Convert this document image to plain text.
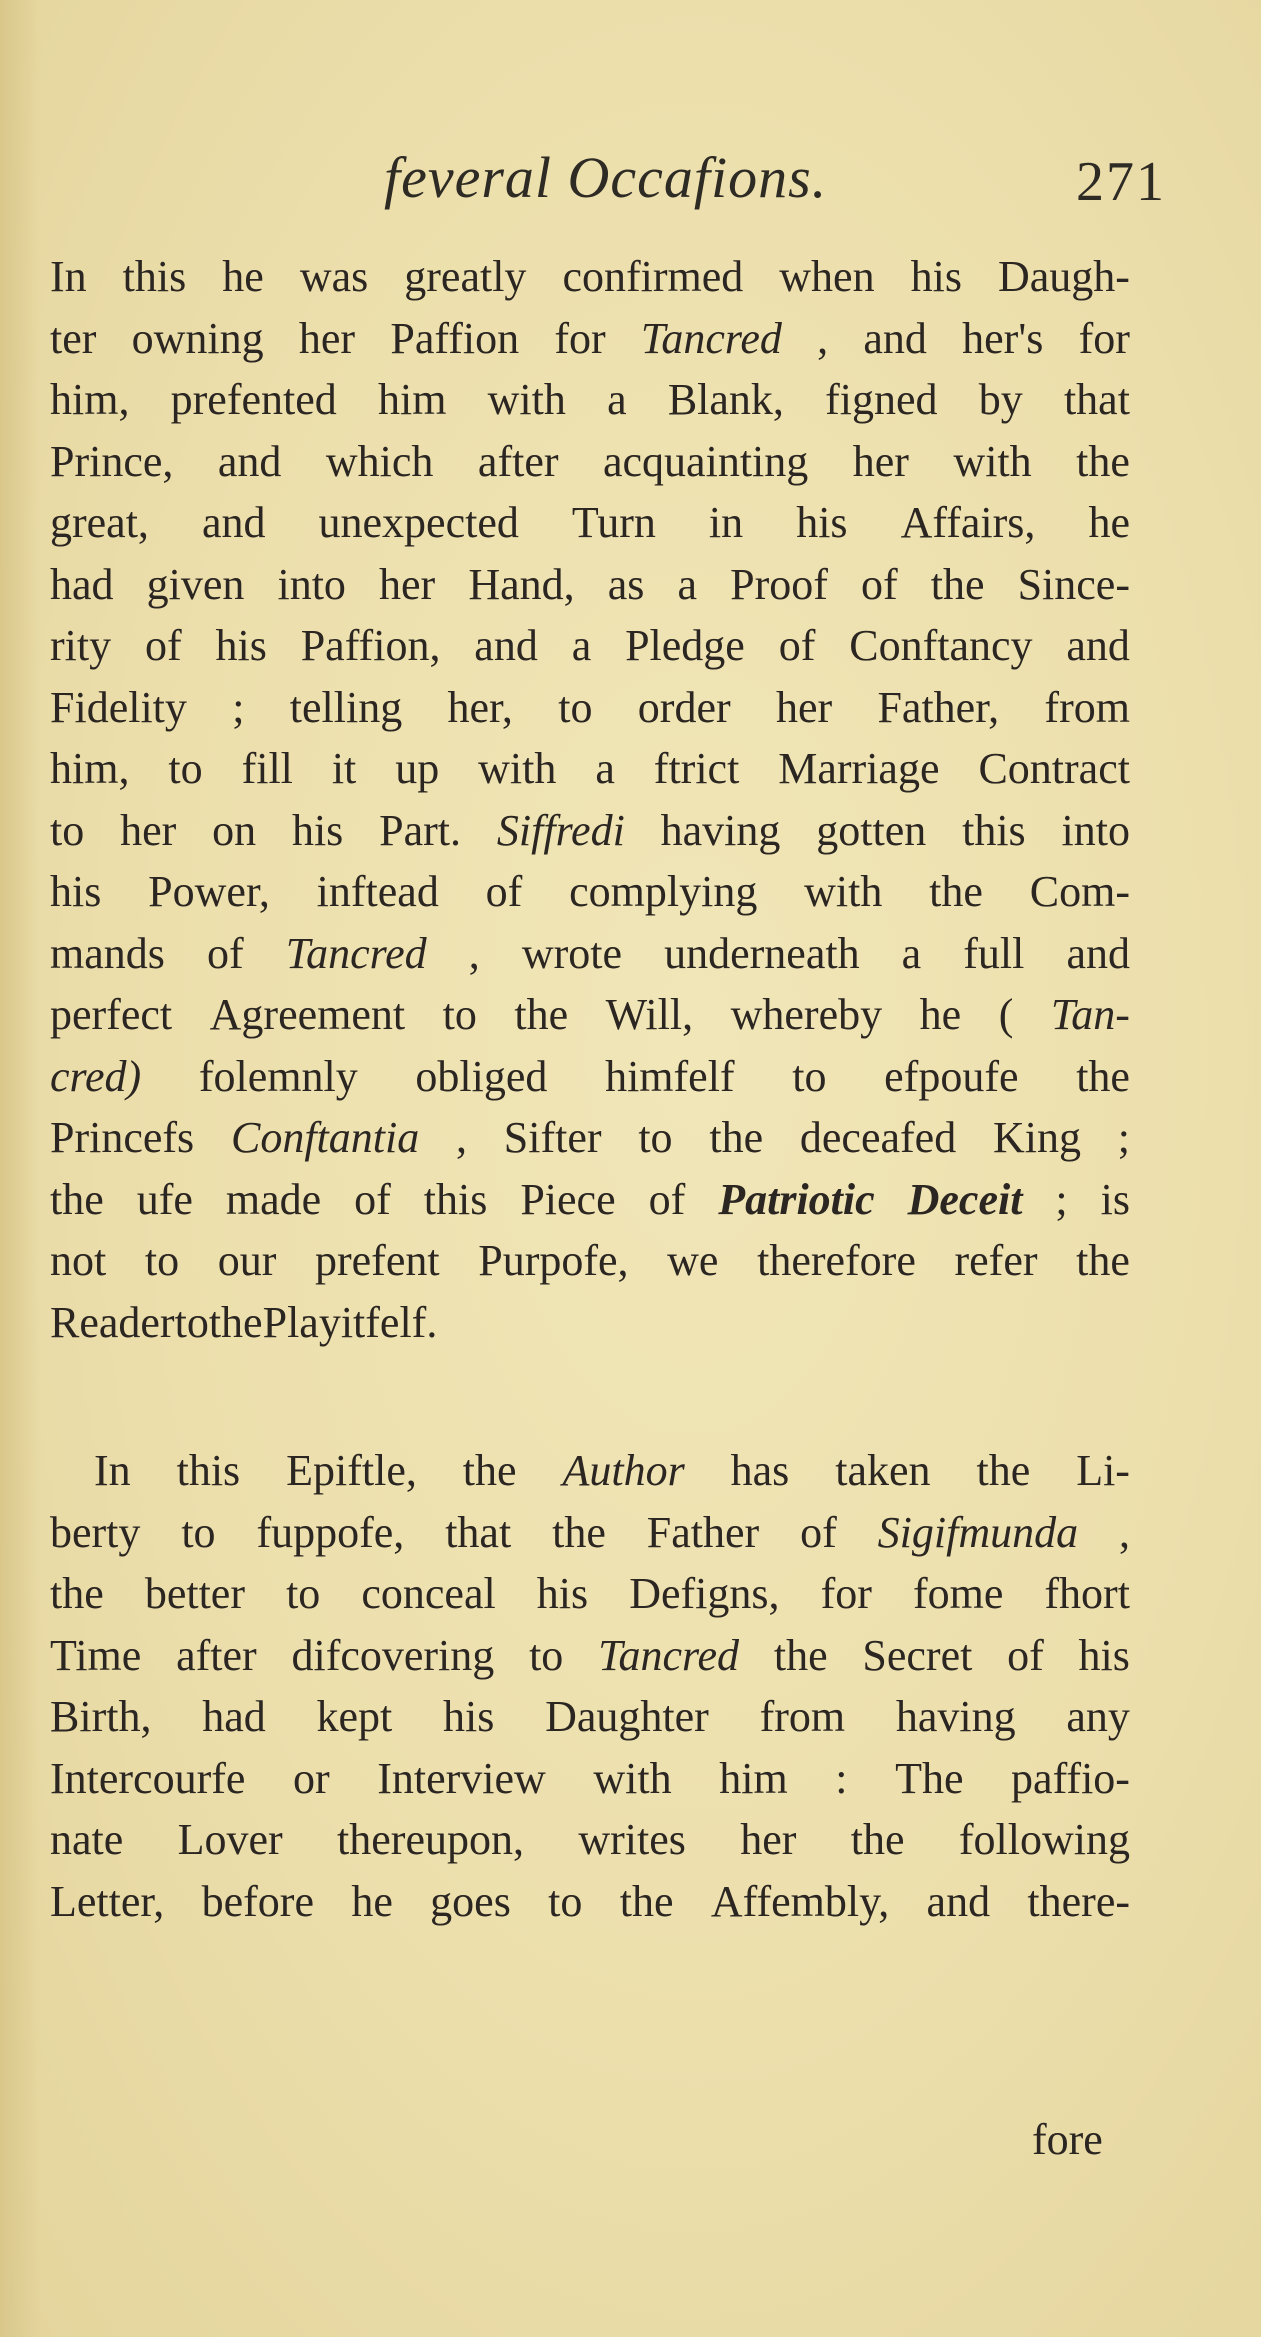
feveral Occafions.	271
In this he was greatly confirmed when his Daugh-
ter owning her Paffion for Tancred , and her's for
him, prefented him with a Blank, figned by that
Prince, and which after acquainting her with the
great, and unexpected Turn in his Affairs, he
had given into her Hand, as a Proof of the Since-
rity of his Paffion, and a Pledge of Conftancy and
Fidelity ; telling her, to order her Father, from
him, to fill it up with a ftrict Marriage Contract
to her on his Part. Siffredi having gotten this into
his Power, inftead of complying with the Com-
mands of Tancred , wrote underneath a full and
perfect Agreement to the Will, whereby he ( Tan-
cred) folemnly obliged himfelf to efpoufe the
Princefs Conftantia , Sifter to the deceafed King ;
the ufe made of this Piece of Patriotic Deceit ; is
not to our prefent Purpofe, we therefore refer the
Reader to the Play itfelf.
In this Epiftle, the Author has taken the Li-
berty to fuppofe, that the Father of Sigifmunda ,
the better to conceal his Defigns, for fome fhort
Time after difcovering to Tancred the Secret of his
Birth, had kept his Daughter from having any
Intercourfe or Interview with him : The paffio-
nate Lover thereupon, writes her the following
Letter, before he goes to the Affembly, and there-
fore
